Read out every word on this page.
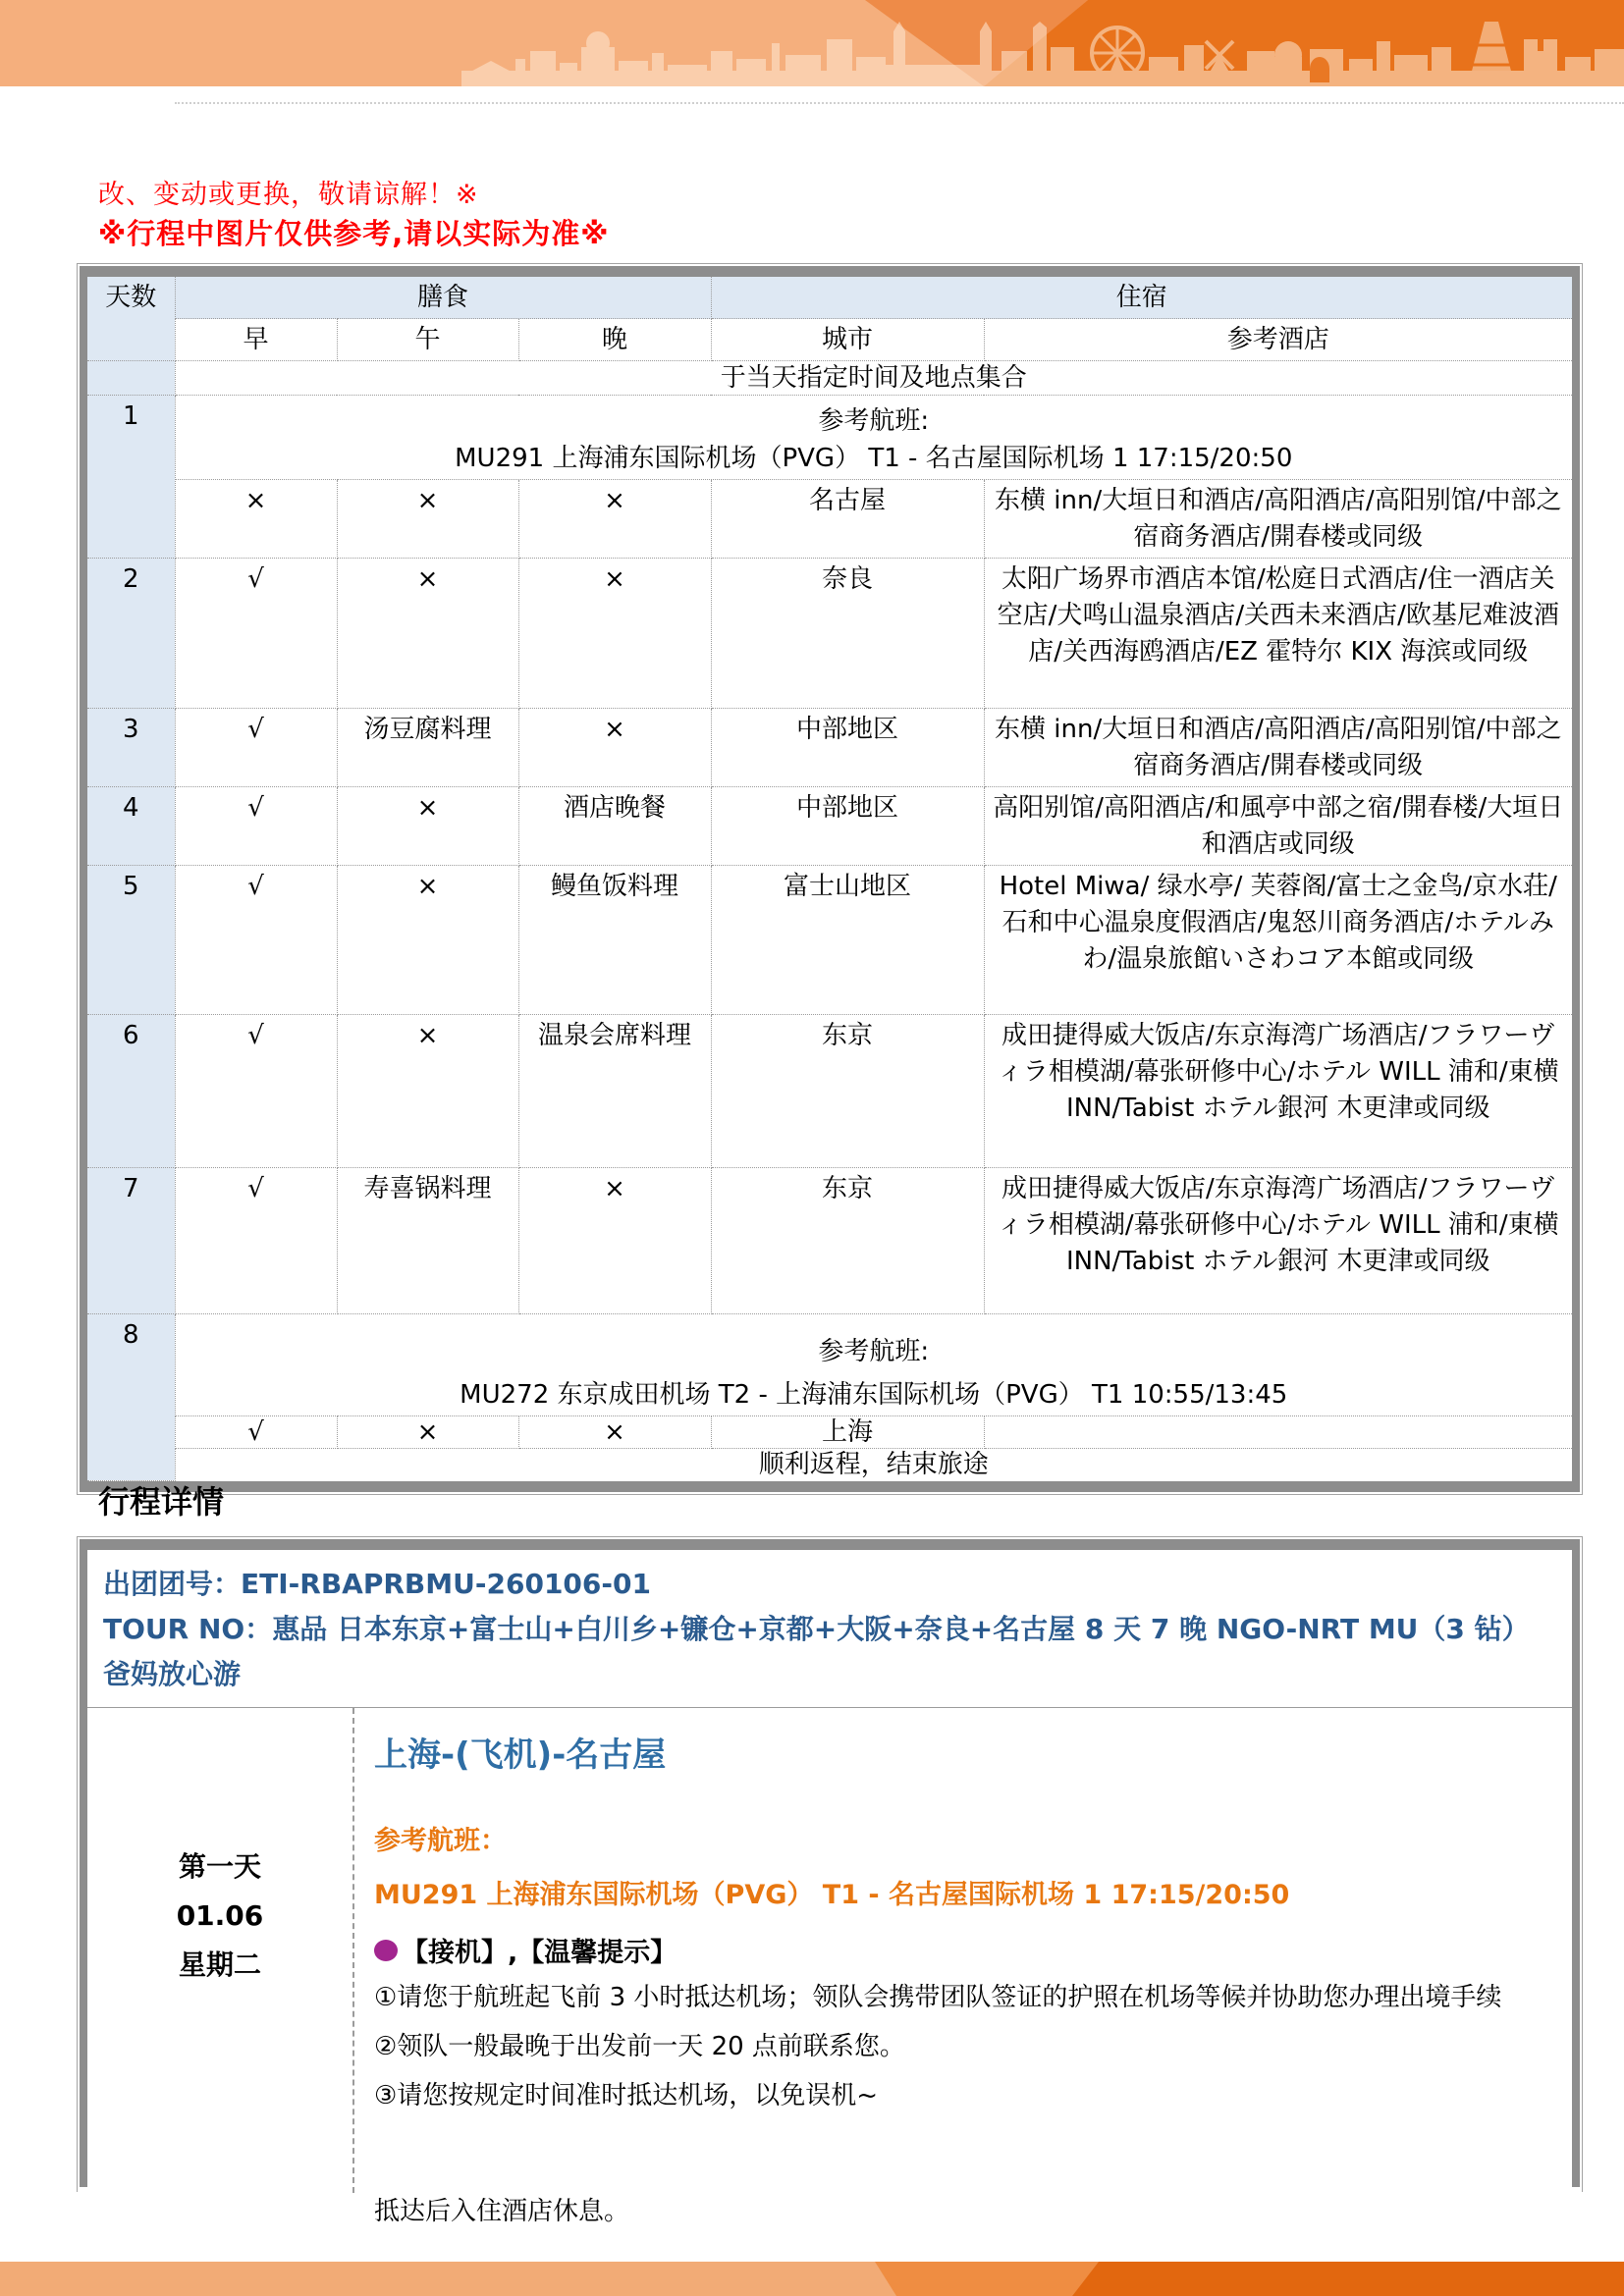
改、变动或更换，敬请谅解！※
※行程中图片仅供参考,请以实际为准※
天数	膳食			住宿	
	早	午	晚	城市	参考酒店
	于当天指定时间及地点集合				
1	参考航班:
MU291 上海浦东国际机场（PVG） T1 - 名古屋国际机场 1 17:15/20:50				

	×	×	×	名古屋	东横 inn/大垣日和酒店/高阳酒店/高阳别馆/中部之宿商务酒店/開春楼或同级
2	√	×	×	奈良	太阳广场界市酒店本馆/松庭日式酒店/住一酒店关空店/犬鸣山温泉酒店/关西未来酒店/欧基尼难波酒店/关西海鸥酒店/EZ 霍特尔 KIX 海滨或同级
3	√	汤豆腐料理	×	中部地区	东横 inn/大垣日和酒店/高阳酒店/高阳别馆/中部之宿商务酒店/開春楼或同级
4	√	×	酒店晚餐	中部地区	高阳别馆/高阳酒店/和風亭中部之宿/開春楼/大垣日和酒店或同级
5	√	×	鳗鱼饭料理	富士山地区	Hotel Miwa/ 绿水亭/ 芙蓉阁/富士之金鸟/京水荘/石和中心温泉度假酒店/鬼怒川商务酒店/ホテルみわ/温泉旅館いさわコア本館或同级
6	√	×	温泉会席料理	东京	成田捷得威大饭店/东京海湾广场酒店/フラワーヴィラ相模湖/幕张研修中心/ホテル WILL 浦和/東横 INN/Tabist ホテル銀河 木更津或同级
7	√	寿喜锅料理	×	东京	成田捷得威大饭店/东京海湾广场酒店/フラワーヴィラ相模湖/幕张研修中心/ホテル WILL 浦和/東横 INN/Tabist ホテル銀河 木更津或同级
8	参考航班:
MU272 东京成田机场 T2 - 上海浦东国际机场（PVG） T1 10:55/13:45				

	√	×	×	上海	
	顺利返程，结束旅途				
行程详情
出团团号：ETI-RBAPRBMU-260106-01
TOUR NO：惠品 日本东京+富士山+白川乡+镰仓+京都+大阪+奈良+名古屋 8 天 7 晚 NGO-NRT MU（3 钻）爸妈放心游
第一天
01.06
星期二
上海-(飞机)-名古屋
参考航班：
MU291 上海浦东国际机场（PVG） T1 - 名古屋国际机场 1 17:15/20:50
【接机】,【温馨提示】
①请您于航班起飞前 3 小时抵达机场；领队会携带团队签证的护照在机场等候并协助您办理出境手续
②领队一般最晚于出发前一天 20 点前联系您。
③请您按规定时间准时抵达机场，以免误机~
抵达后入住酒店休息。
